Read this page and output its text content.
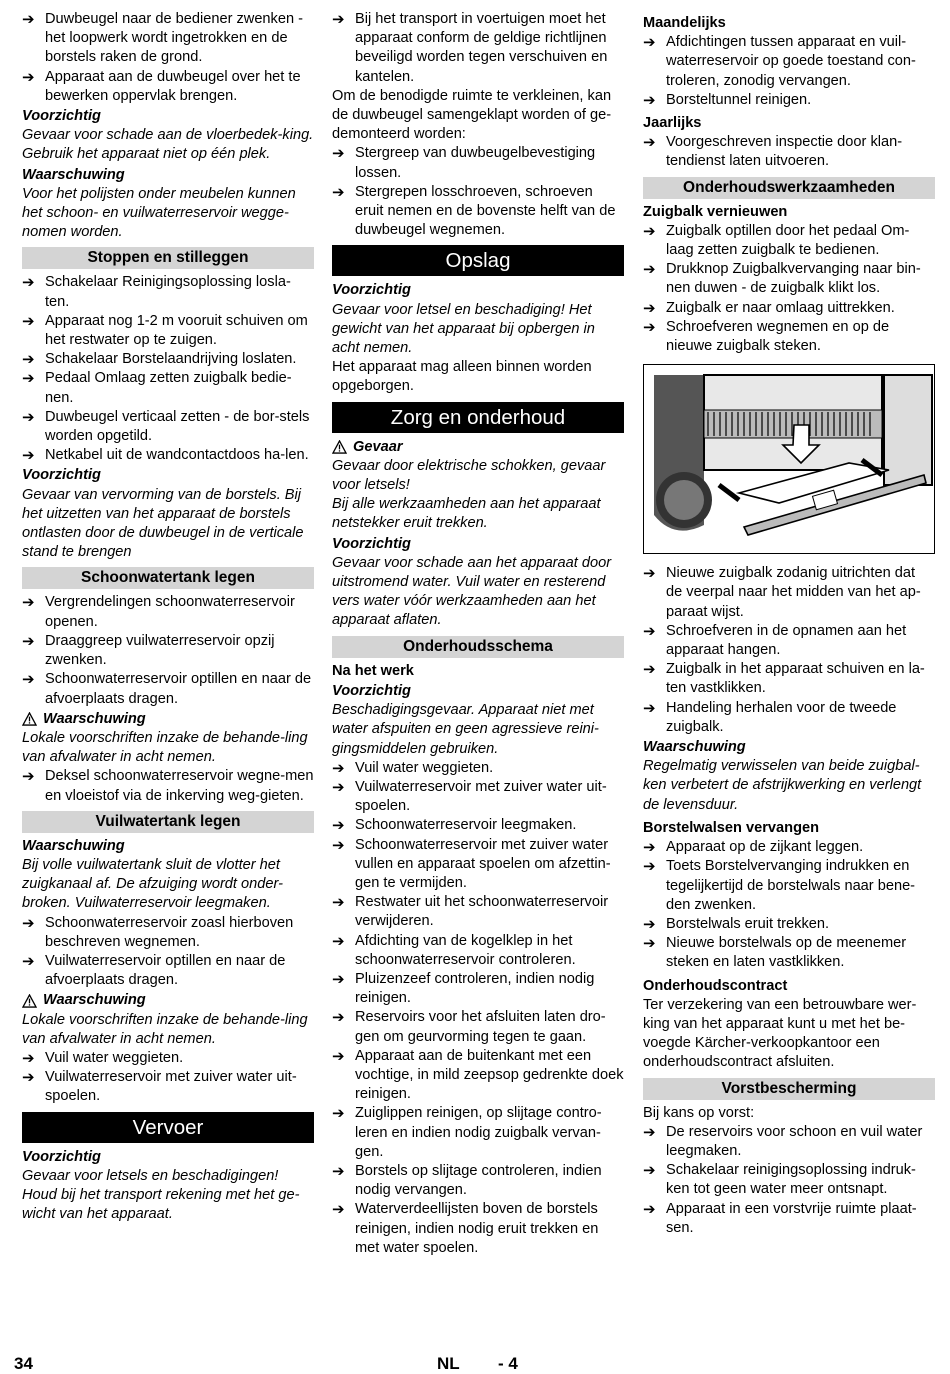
➔ Duwbeugel naar de bediener zwenken - het loopwerk wordt ingetrokken en de borstels raken de grond.
➔ Apparaat aan de duwbeugel over het te bewerken oppervlak brengen.
Voorzichtig
Gevaar voor schade aan de vloerbedek-king. Gebruik het apparaat niet op één plek.
Waarschuwing
Voor het polijsten onder meubelen kunnen het schoon- en vuilwaterreservoir wegge-nomen worden.
Stoppen en stilleggen
➔ Schakelaar Reinigingsoplossing losla-ten.
➔ Apparaat nog 1-2 m vooruit schuiven om het restwater op te zuigen.
➔ Schakelaar Borstelaandrijving loslaten.
➔ Pedaal Omlaag zetten zuigbalk bedie-nen.
➔ Duwbeugel verticaal zetten - de bor-stels worden opgetild.
➔ Netkabel uit de wandcontactdoos ha-len.
Voorzichtig
Gevaar van vervorming van de borstels. Bij het uitzetten van het apparaat de borstels ontlasten door de duwbeugel in de verticale stand te brengen
Schoonwatertank legen
➔ Vergrendelingen schoonwaterreservoir openen.
➔ Draaggreep vuilwaterreservoir opzij zwenken.
➔ Schoonwaterreservoir optillen en naar de afvoerplaats dragen.
Waarschuwing
Lokale voorschriften inzake de behande-ling van afvalwater in acht nemen.
➔ Deksel schoonwaterreservoir wegne-men en vloeistof via de inkerving weg-gieten.
Vuilwatertank legen
Waarschuwing
Bij volle vuilwatertank sluit de vlotter het zuigkanaal af. De afzuiging wordt onder-broken. Vuilwaterreservoir leegmaken.
➔ Schoonwaterreservoir zoasl hierboven beschreven wegnemen.
➔ Vuilwaterreservoir optillen en naar de afvoerplaats dragen.
Waarschuwing
Lokale voorschriften inzake de behande-ling van afvalwater in acht nemen.
➔ Vuil water weggieten.
➔ Vuilwaterreservoir met zuiver water uit-spoelen.
Vervoer
Voorzichtig
Gevaar voor letsels en beschadigingen! Houd bij het transport rekening met het ge-wicht van het apparaat.
➔ Bij het transport in voertuigen moet het apparaat conform de geldige richtlijnen beveiligd worden tegen verschuiven en kantelen.
Om de benodigde ruimte te verkleinen, kan de duwbeugel samengeklapt worden of ge-demonteerd worden:
➔ Stergreep van duwbeugelbevestiging lossen.
➔ Stergrepen losschroeven, schroeven eruit nemen en de bovenste helft van de duwbeugel wegnemen.
Opslag
Voorzichtig
Gevaar voor letsel en beschadiging! Het gewicht van het apparaat bij opbergen in acht nemen.
Het apparaat mag alleen binnen worden opgeborgen.
Zorg en onderhoud
Gevaar
Gevaar door elektrische schokken, gevaar voor letsels!
Bij alle werkzaamheden aan het apparaat netstekker eruit trekken.
Voorzichtig
Gevaar voor schade aan het apparaat door uitstromend water. Vuil water en resterend vers water vóór werkzaamheden aan het apparaat aflaten.
Onderhoudsschema
Na het werk
Voorzichtig
Beschadigingsgevaar. Apparaat niet met water afspuiten en geen agressieve reini-gingsmiddelen gebruiken.
➔ Vuil water weggieten.
➔ Vuilwaterreservoir met zuiver water uit-spoelen.
➔ Schoonwaterreservoir leegmaken.
➔ Schoonwaterreservoir met zuiver water vullen en apparaat spoelen om afzettin-gen te vermijden.
➔ Restwater uit het schoonwaterreservoir verwijderen.
➔ Afdichting van de kogelklep in het schoonwaterreservoir controleren.
➔ Pluizenzeef controleren, indien nodig reinigen.
➔ Reservoirs voor het afsluiten laten dro-gen om geurvorming tegen te gaan.
➔ Apparaat aan de buitenkant met een vochtige, in mild zeepsop gedrenkte doek reinigen.
➔ Zuiglippen reinigen, op slijtage contro-leren en indien nodig zuigbalk vervan-gen.
➔ Borstels op slijtage controleren, indien nodig vervangen.
➔ Waterverdeellijsten boven de borstels reinigen, indien nodig eruit trekken en met water spoelen.
Maandelijks
➔ Afdichtingen tussen apparaat en vuil-waterreservoir op goede toestand con-troleren, zonodig vervangen.
➔ Borsteltunnel reinigen.
Jaarlijks
➔ Voorgeschreven inspectie door klan-tendienst laten uitvoeren.
Onderhoudswerkzaamheden
Zuigbalk vernieuwen
➔ Zuigbalk optillen door het pedaal Om-laag zetten zuigbalk te bedienen.
➔ Drukknop Zuigbalkvervanging naar bin-nen duwen - de zuigbalk klikt los.
➔ Zuigbalk er naar omlaag uittrekken.
➔ Schroefveren wegnemen en op de nieuwe zuigbalk steken.
➔ Nieuwe zuigbalk zodanig uitrichten dat de veerpal naar het midden van het ap-paraat wijst.
➔ Schroefveren in de opnamen aan het apparaat hangen.
➔ Zuigbalk in het apparaat schuiven en la-ten vastklikken.
➔ Handeling herhalen voor de tweede zuigbalk.
Waarschuwing
Regelmatig verwisselen van beide zuigbal-ken verbetert de afstrijkwerking en verlengt de levensduur.
Borstelwalsen vervangen
➔ Apparaat op de zijkant leggen.
➔ Toets Borstelvervanging indrukken en tegelijkertijd de borstelwals naar bene-den zwenken.
➔ Borstelwals eruit trekken.
➔ Nieuwe borstelwals op de meenemer steken en laten vastklikken.
Onderhoudscontract
Ter verzekering van een betrouwbare wer-king van het apparaat kunt u met het be-voegde Kärcher-verkoopkantoor een onderhoudscontract afsluiten.
Vorstbescherming
Bij kans op vorst:
➔ De reservoirs voor schoon en vuil water leegmaken.
➔ Schakelaar reinigingsoplossing indruk-ken tot geen water meer ontsnapt.
➔ Apparaat in een vorstvrije ruimte plaat-sen.
34	NL - 4
